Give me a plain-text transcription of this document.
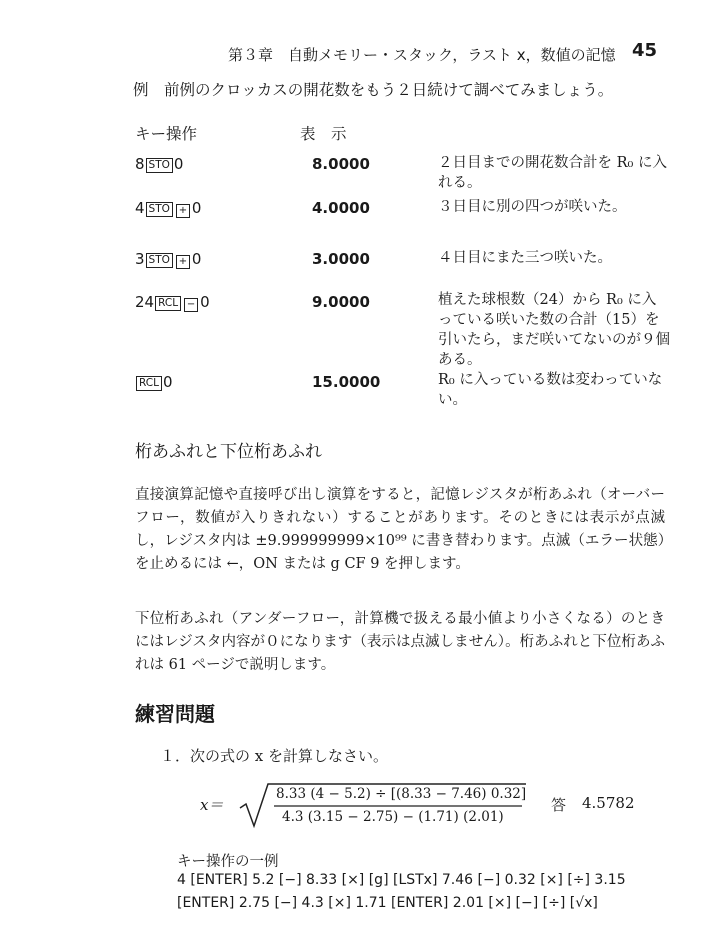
第３章　自動メモリー・スタック，ラスト x，数値の記憶 45
例　前例のクロッカスの開花数をもう２日続けて調べてみましょう。
キー操作	表　示
8 STO 0	8.0000	２日目までの開花数合計を R₀ に入れる。
4 STO + 0	4.0000	３日目に別の四つが咲いた。
3 STO + 0	3.0000	４日目にまた三つ咲いた。
24 RCL − 0	9.0000	植えた球根数（24）から R₀ に入っている咲いた数の合計（15）を引いたら，まだ咲いてないのが９個ある。
RCL 0	15.0000	R₀ に入っている数は変わっていない。
桁あふれと下位桁あふれ
直接演算記憶や直接呼び出し演算をすると，記憶レジスタが桁あふれ（オーバーフロー，数値が入りきれない）することがあります。そのときには表示が点滅し，レジスタ内は ±9.999999999×10⁹⁹ に書き替わります。点滅（エラー状態）を止めるには ←，ON または g CF 9 を押します。
下位桁あふれ（アンダーフロー，計算機で扱える最小値より小さくなる）のときにはレジスタ内容が０になります（表示は点滅しません）。桁あふれと下位桁あふれは 61 ページで説明します。
練習問題
１．次の式の x を計算しなさい。
x＝
8.33 (4 − 5.2) ÷ [(8.33 − 7.46) 0.32]
4.3 (3.15 − 2.75) − (1.71) (2.01)
答 4.5782
キー操作の一例
4 [ENTER] 5.2 [−] 8.33 [×] [g] [LSTx] 7.46 [−] 0.32 [×] [÷] 3.15
[ENTER] 2.75 [−] 4.3 [×] 1.71 [ENTER] 2.01 [×] [−] [÷] [√x]
